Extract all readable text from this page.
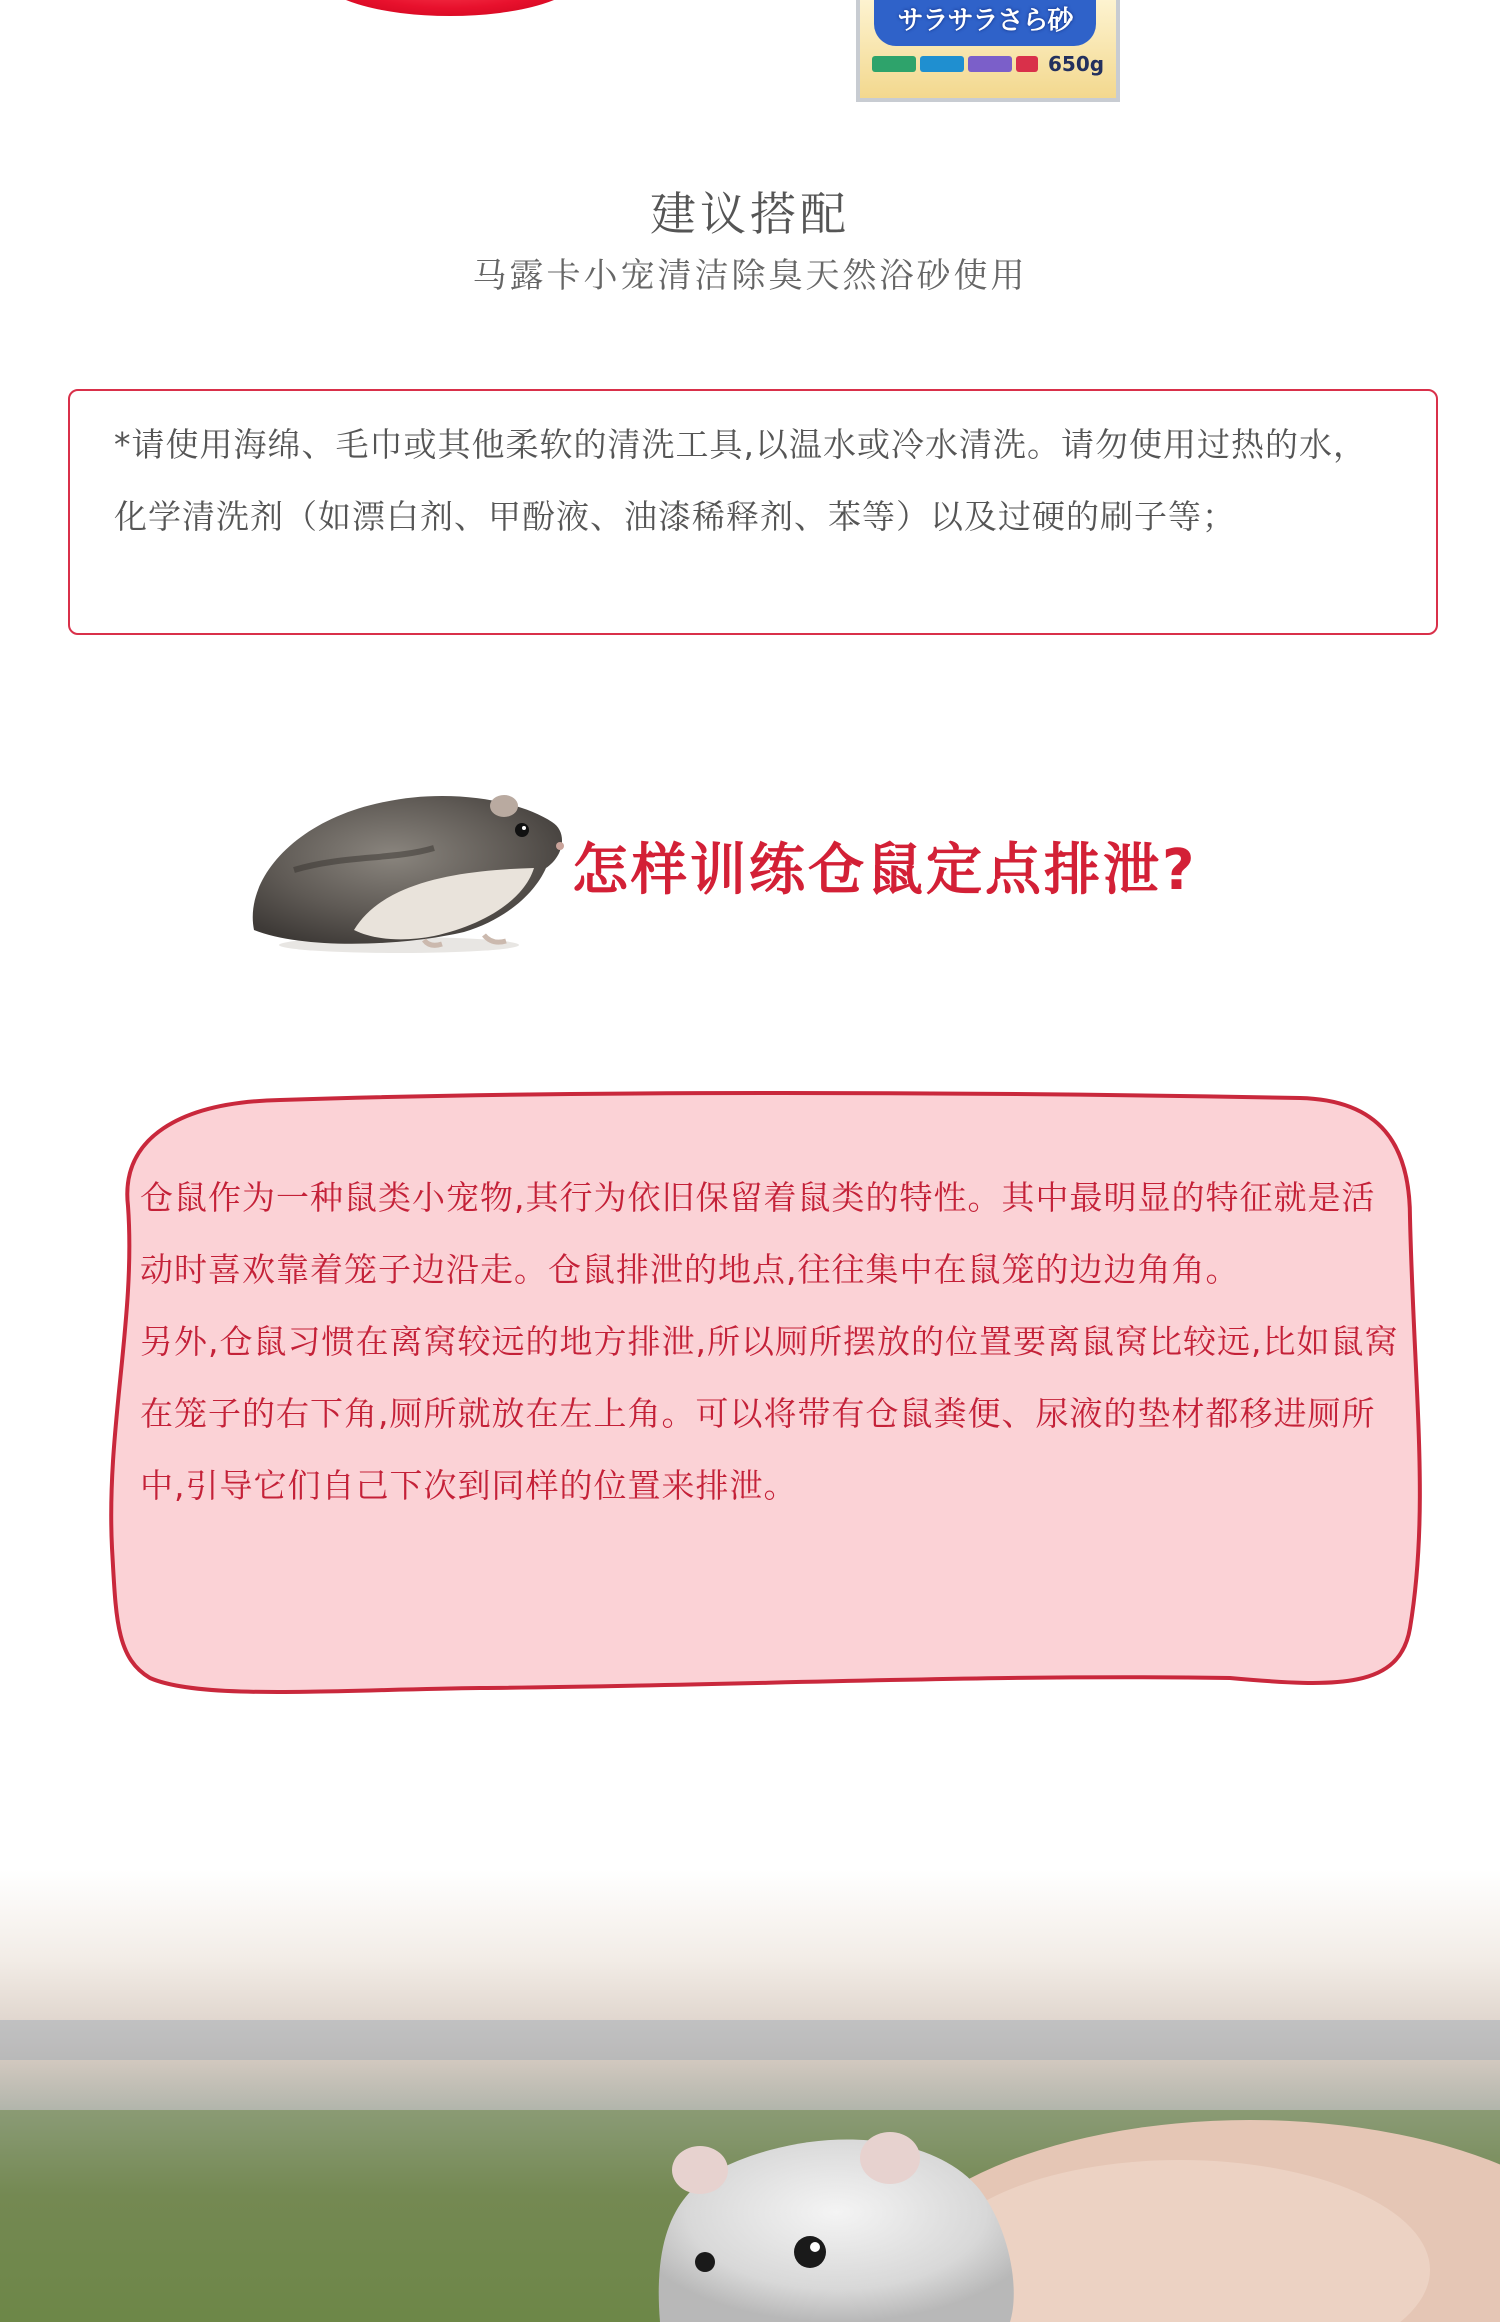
サラサラさら砂
650g
建议搭配
马露卡小宠清洁除臭天然浴砂使用

*请使用海绵、毛巾或其他柔软的清洗工具,以温水或冷水清洗。请勿使用过热的水，化学清洗剂（如漂白剂、甲酚液、油漆稀释剂、苯等）以及过硬的刷子等；

怎样训练仓鼠定点排泄?

仓鼠作为一种鼠类小宠物,其行为依旧保留着鼠类的特性。其中最明显的特征就是活动时喜欢靠着笼子边沿走。仓鼠排泄的地点,往往集中在鼠笼的边边角角。

另外,仓鼠习惯在离窝较远的地方排泄,所以厕所摆放的位置要离鼠窝比较远,比如鼠窝在笼子的右下角,厕所就放在左上角。可以将带有仓鼠粪便、尿液的垫材都移进厕所中,引导它们自己下次到同样的位置来排泄。
